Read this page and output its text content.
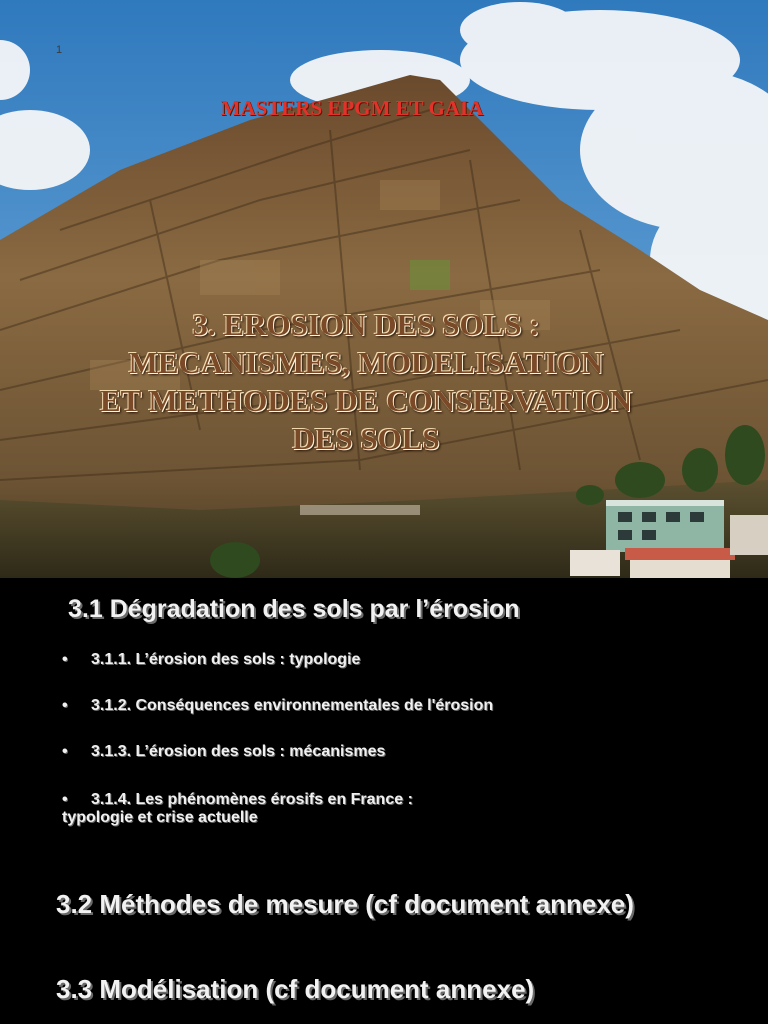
1
MASTERS EPGM ET GAIA
3. EROSION DES SOLS :
MECANISMES, MODELISATION
ET METHODES DE CONSERVATION
DES SOLS
3.1 Dégradation des sols par l’érosion
• 3.1.1. L’érosion des sols : typologie
• 3.1.2. Conséquences environnementales de l'érosion
• 3.1.3. L’érosion des sols : mécanismes
• 3.1.4. Les phénomènes érosifs en France :
typologie et crise actuelle
3.2 Méthodes de mesure (cf document annexe)
3.3 Modélisation (cf document annexe)
